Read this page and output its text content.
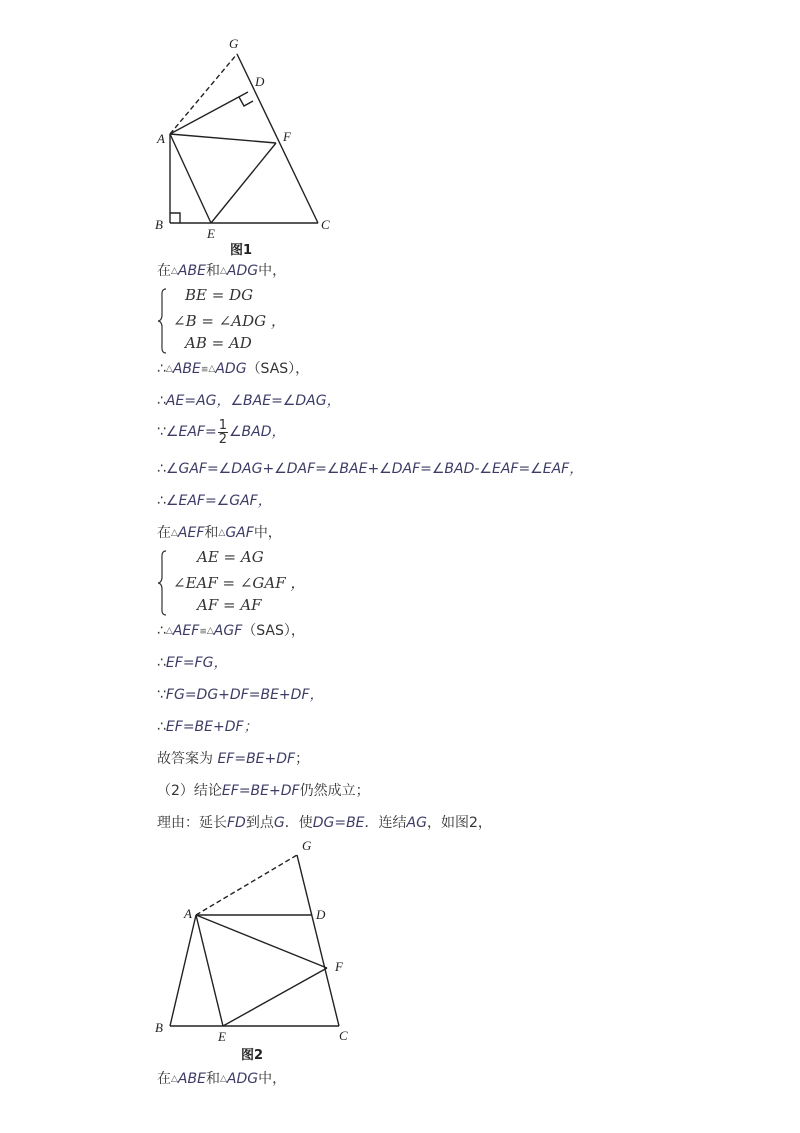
G
D
A	F
B
E
C
图1
在△ABE和△ADG中，
BE = DG
∠B = ∠ADG ，
AB = AD
∴△ABE≌△ADG（SAS），
∴AE=AG，∠BAE=∠DAG，
∵∠EAF= $\frac{1}{2}$ ∠BAD，
∴∠GAF=∠DAG+∠DAF=∠BAE+∠DAF=∠BAD-∠EAF=∠EAF，
∴∠EAF=∠GAF，
在△AEF和△GAF中，
AE = AG
∠EAF = ∠GAF ，
AF = AF
∴△AEF≌△AGF（SAS），
∴EF=FG，
∵FG=DG+DF=BE+DF，
∴EF=BE+DF；
故答案为 EF=BE+DF；
（2）结论EF=BE+DF仍然成立；
理由：延长FD到点G．使DG=BE．连结AG，如图2，
G
A	D
F
B
E	C
图2
在△ABE和△ADG中，
